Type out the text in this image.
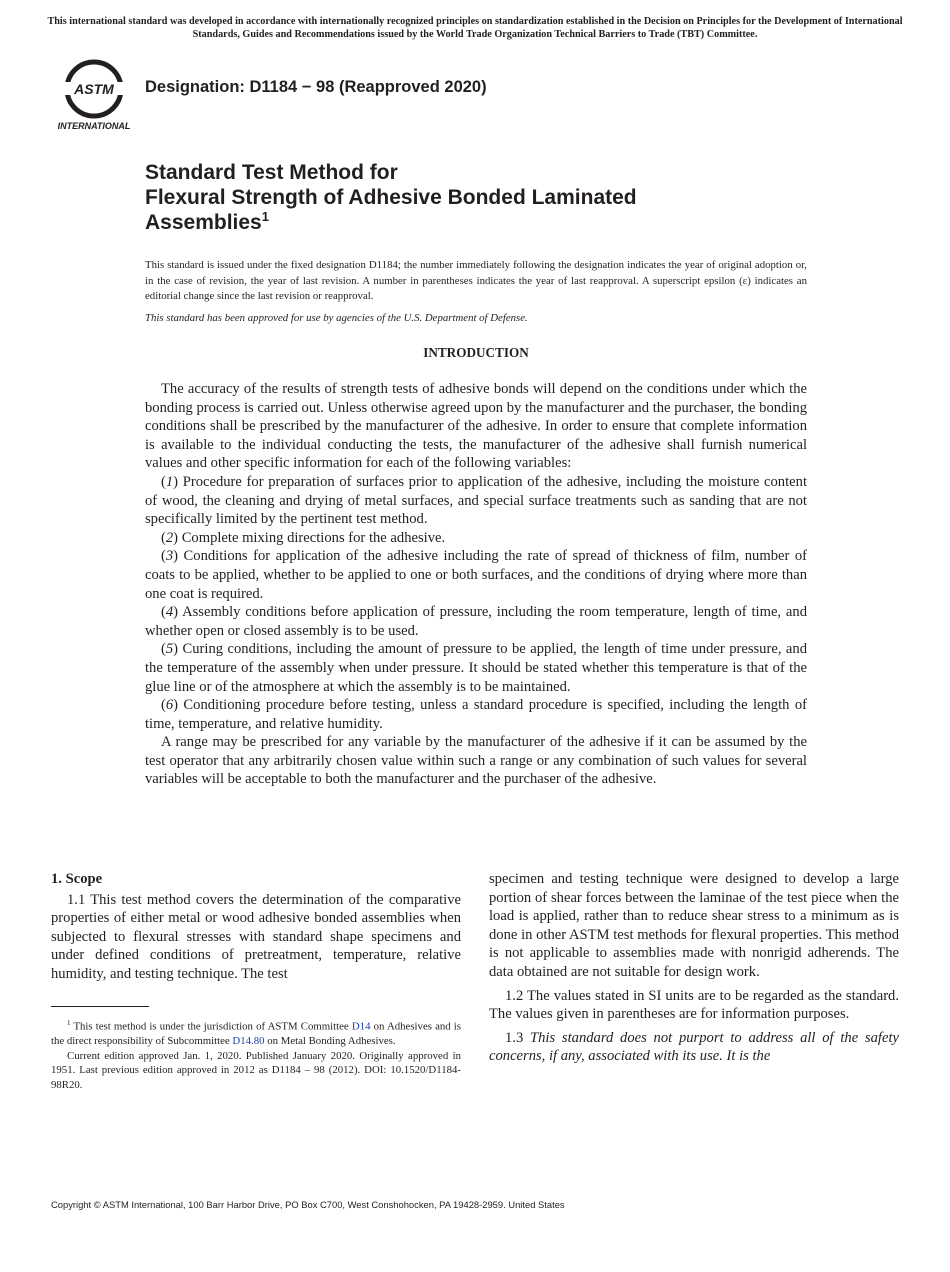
This international standard was developed in accordance with internationally recognized principles on standardization established in the Decision on Principles for the Development of International Standards, Guides and Recommendations issued by the World Trade Organization Technical Barriers to Trade (TBT) Committee.
ASTM
INTERNATIONAL
Designation: D1184 − 98 (Reapproved 2020)
Standard Test Method for
Flexural Strength of Adhesive Bonded Laminated
Assemblies$^1$
This standard is issued under the fixed designation D1184; the number immediately following the designation indicates the year of original adoption or, in the case of revision, the year of last revision. A number in parentheses indicates the year of last reapproval. A superscript epsilon (ε) indicates an editorial change since the last revision or reapproval.
This standard has been approved for use by agencies of the U.S. Department of Defense.
INTRODUCTION

The accuracy of the results of strength tests of adhesive bonds will depend on the conditions under which the bonding process is carried out. Unless otherwise agreed upon by the manufacturer and the purchaser, the bonding conditions shall be prescribed by the manufacturer of the adhesive. In order to ensure that complete information is available to the individual conducting the tests, the manufacturer of the adhesive shall furnish numerical values and other specific information for each of the following variables:

(1) Procedure for preparation of surfaces prior to application of the adhesive, including the moisture content of wood, the cleaning and drying of metal surfaces, and special surface treatments such as sanding that are not specifically limited by the pertinent test method.

(2) Complete mixing directions for the adhesive.

(3) Conditions for application of the adhesive including the rate of spread of thickness of film, number of coats to be applied, whether to be applied to one or both surfaces, and the conditions of drying where more than one coat is required.

(4) Assembly conditions before application of pressure, including the room temperature, length of time, and whether open or closed assembly is to be used.

(5) Curing conditions, including the amount of pressure to be applied, the length of time under pressure, and the temperature of the assembly when under pressure. It should be stated whether this temperature is that of the glue line or of the atmosphere at which the assembly is to be maintained.

(6) Conditioning procedure before testing, unless a standard procedure is specified, including the length of time, temperature, and relative humidity.

A range may be prescribed for any variable by the manufacturer of the adhesive if it can be assumed by the test operator that any arbitrarily chosen value within such a range or any combination of such values for several variables will be acceptable to both the manufacturer and the purchaser of the adhesive.

1. Scope

1.1 This test method covers the determination of the comparative properties of either metal or wood adhesive bonded assemblies when subjected to flexural stresses with standard shape specimens and under defined conditions of pretreatment, temperature, relative humidity, and testing technique. The test

$^1$ This test method is under the jurisdiction of ASTM Committee D14 on Adhesives and is the direct responsibility of Subcommittee D14.80 on Metal Bonding Adhesives.

Current edition approved Jan. 1, 2020. Published January 2020. Originally approved in 1951. Last previous edition approved in 2012 as D1184 – 98 (2012). DOI: 10.1520/D1184-98R20.

specimen and testing technique were designed to develop a large portion of shear forces between the laminae of the test piece when the load is applied, rather than to reduce shear stress to a minimum as is done in other ASTM test methods for flexural properties. This method is not applicable to assemblies made with nonrigid adherends. The data obtained are not suitable for design work.

1.2 The values stated in SI units are to be regarded as the standard. The values given in parentheses are for information purposes.

1.3 This standard does not purport to address all of the safety concerns, if any, associated with its use. It is the

Copyright © ASTM International, 100 Barr Harbor Drive, PO Box C700, West Conshohocken, PA 19428-2959. United States
